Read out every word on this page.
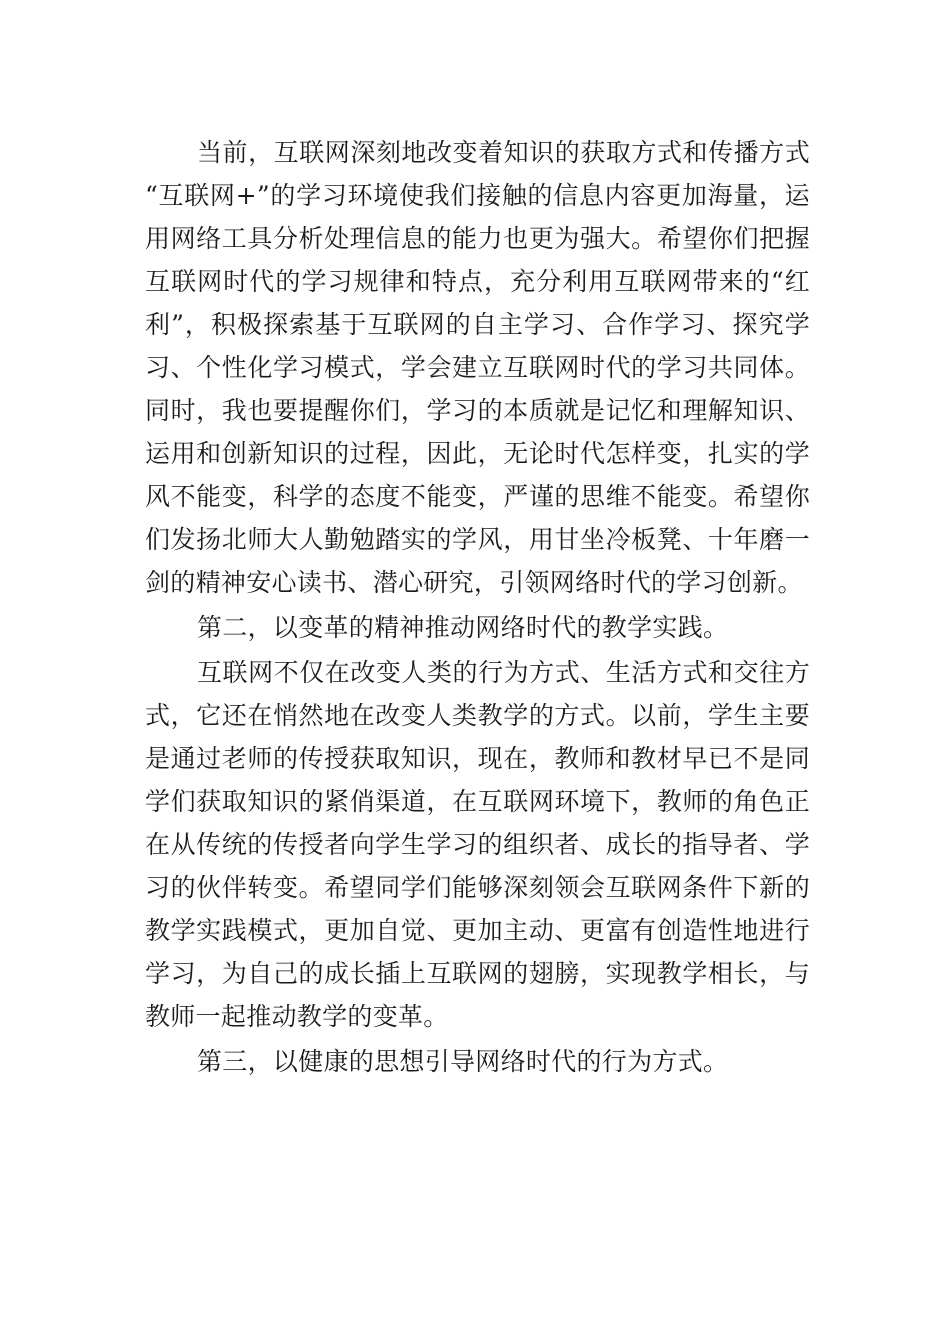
当前，互联网深刻地改变着知识的获取方式和传播方式
“互联网+”的学习环境使我们接触的信息内容更加海量，运
用网络工具分析处理信息的能力也更为强大。希望你们把握
互联网时代的学习规律和特点，充分利用互联网带来的“红
利”，积极探索基于互联网的自主学习、合作学习、探究学
习、个性化学习模式，学会建立互联网时代的学习共同体。
同时，我也要提醒你们，学习的本质就是记忆和理解知识、
运用和创新知识的过程，因此，无论时代怎样变，扎实的学
风不能变，科学的态度不能变，严谨的思维不能变。希望你
们发扬北师大人勤勉踏实的学风，用甘坐冷板凳、十年磨一
剑的精神安心读书、潜心研究，引领网络时代的学习创新。
第二，以变革的精神推动网络时代的教学实践。
互联网不仅在改变人类的行为方式、生活方式和交往方
式，它还在悄然地在改变人类教学的方式。以前，学生主要
是通过老师的传授获取知识，现在，教师和教材早已不是同
学们获取知识的紧俏渠道，在互联网环境下，教师的角色正
在从传统的传授者向学生学习的组织者、成长的指导者、学
习的伙伴转变。希望同学们能够深刻领会互联网条件下新的
教学实践模式，更加自觉、更加主动、更富有创造性地进行
学习，为自己的成长插上互联网的翅膀，实现教学相长，与
教师一起推动教学的变革。
第三，以健康的思想引导网络时代的行为方式。
